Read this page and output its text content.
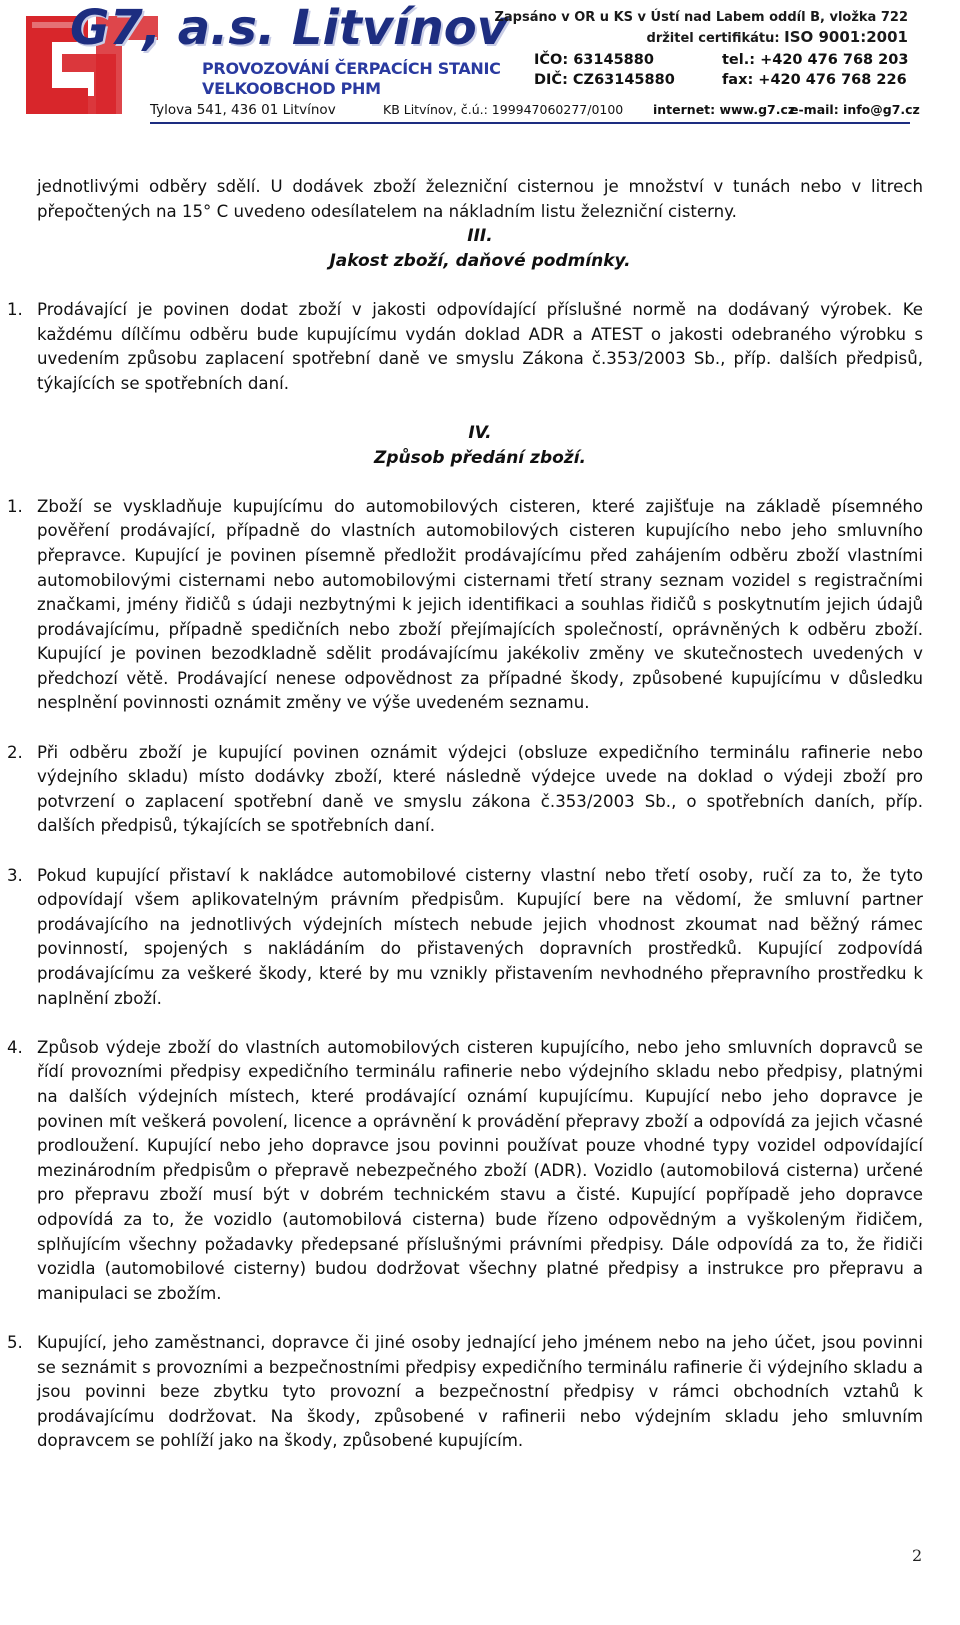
G7, a.s. Litvínov
PROVOZOVÁNÍ ČERPACÍCH STANIC
VELKOOBCHOD PHM
Zapsáno v OR u KS v Ústí nad Labem oddíl B, vložka 722
držitel certifikátu: ISO 9001:2001
IČO: 63145880
DIČ: CZ63145880
tel.: +420 476 768 203
fax: +420 476 768 226
Tylova 541, 436 01 Litvínov	KB Litvínov, č.ú.: 199947060277/0100 internet: www.g7.cz
e-mail: info@g7.cz

jednotlivými odběry sdělí. U dodávek zboží železniční cisternou je množství v tunách nebo v litrech přepočtených na 15° C uvedeno odesílatelem na nákladním listu železniční cisterny.

III.
Jakost zboží, daňové podmínky.
1. Prodávající je povinen dodat zboží v jakosti odpovídající příslušné normě na dodávaný výrobek. Ke každému dílčímu odběru bude kupujícímu vydán doklad ADR a ATEST o jakosti odebraného výrobku s uvedením způsobu zaplacení spotřební daně ve smyslu Zákona č.353/2003 Sb., příp. dalších předpisů, týkajících se spotřebních daní.

IV.
Způsob předání zboží.
1. Zboží se vyskladňuje kupujícímu do automobilových cisteren, které zajišťuje na základě písemného pověření prodávající, případně do vlastních automobilových cisteren kupujícího nebo jeho smluvního přepravce. Kupující je povinen písemně předložit prodávajícímu před zahájením odběru zboží vlastními automobilovými cisternami nebo automobilovými cisternami třetí strany seznam vozidel s registračními značkami, jmény řidičů s údaji nezbytnými k jejich identifikaci a souhlas řidičů s poskytnutím jejich údajů prodávajícímu, případně spedičních nebo zboží přejímajících společností, oprávněných k odběru zboží. Kupující je povinen bezodkladně sdělit prodávajícímu jakékoliv změny ve skutečnostech uvedených v předchozí větě. Prodávající nenese odpovědnost za případné škody, způsobené kupujícímu v důsledku nesplnění povinnosti oznámit změny ve výše uvedeném seznamu.

2. Při odběru zboží je kupující povinen oznámit výdejci (obsluze expedičního terminálu rafinerie nebo výdejního skladu) místo dodávky zboží, které následně výdejce uvede na doklad o výdeji zboží pro potvrzení o zaplacení spotřební daně ve smyslu zákona č.353/2003 Sb., o spotřebních daních, příp. dalších předpisů, týkajících se spotřebních daní.

3. Pokud kupující přistaví k nakládce automobilové cisterny vlastní nebo třetí osoby, ručí za to, že tyto odpovídají všem aplikovatelným právním předpisům. Kupující bere na vědomí, že smluvní partner prodávajícího na jednotlivých výdejních místech nebude jejich vhodnost zkoumat nad běžný rámec povinností, spojených s nakládáním do přistavených dopravních prostředků. Kupující zodpovídá prodávajícímu za veškeré škody, které by mu vznikly přistavením nevhodného přepravního prostředku k naplnění zboží.

4. Způsob výdeje zboží do vlastních automobilových cisteren kupujícího, nebo jeho smluvních dopravců se řídí provozními předpisy expedičního terminálu rafinerie nebo výdejního skladu nebo předpisy, platnými na dalších výdejních místech, které prodávající oznámí kupujícímu. Kupující nebo jeho dopravce je povinen mít veškerá povolení, licence a oprávnění k provádění přepravy zboží a odpovídá za jejich včasné prodloužení. Kupující nebo jeho dopravce jsou povinni používat pouze vhodné typy vozidel odpovídající mezinárodním předpisům o přepravě nebezpečného zboží (ADR). Vozidlo (automobilová cisterna) určené pro přepravu zboží musí být v dobrém technickém stavu a čisté. Kupující popřípadě jeho dopravce odpovídá za to, že vozidlo (automobilová cisterna) bude řízeno odpovědným a vyškoleným řidičem, splňujícím všechny požadavky předepsané příslušnými právními předpisy. Dále odpovídá za to, že řidiči vozidla (automobilové cisterny) budou dodržovat všechny platné předpisy a instrukce pro přepravu a manipulaci se zbožím.

5. Kupující, jeho zaměstnanci, dopravce či jiné osoby jednající jeho jménem nebo na jeho účet, jsou povinni se seznámit s provozními a bezpečnostními předpisy expedičního terminálu rafinerie či výdejního skladu a jsou povinni beze zbytku tyto provozní a bezpečnostní předpisy v rámci obchodních vztahů k prodávajícímu dodržovat. Na škody, způsobené v rafinerii nebo výdejním skladu jeho smluvním dopravcem se pohlíží jako na škody, způsobené kupujícím.

2
